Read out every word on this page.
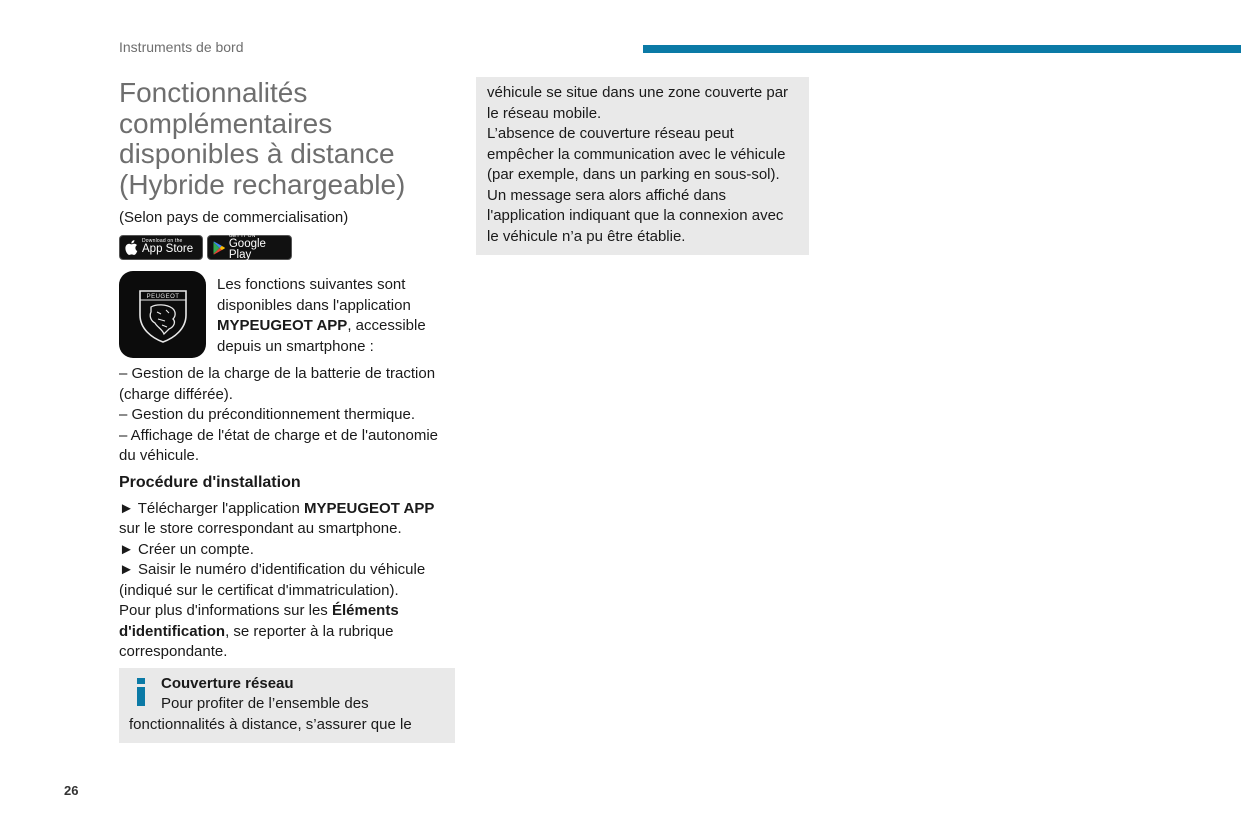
Instruments de bord
Fonctionnalités complémentaires disponibles à distance (Hybride rechargeable)

(Selon pays de commercialisation)

Download on the
App Store
GET IT ON
Google Play
PEUGEOT

Les fonctions suivantes sont disponibles dans l'application MYPEUGEOT APP, accessible depuis un smartphone :

– Gestion de la charge de la batterie de traction (charge différée).

– Gestion du préconditionnement thermique.

– Affichage de l'état de charge et de l'autonomie du véhicule.

Procédure d'installation

► Télécharger l'application MYPEUGEOT APP sur le store correspondant au smartphone.

► Créer un compte.

► Saisir le numéro d'identification du véhicule (indiqué sur le certificat d'immatriculation).

Pour plus d'informations sur les Éléments d'identification, se reporter à la rubrique correspondante.

Couverture réseau

Pour profiter de l’ensemble des fonctionnalités à distance, s’assurer que le

véhicule se situe dans une zone couverte par le réseau mobile.

L’absence de couverture réseau peut empêcher la communication avec le véhicule (par exemple, dans un parking en sous-sol). Un message sera alors affiché dans l'application indiquant que la connexion avec le véhicule n’a pu être établie.

26
